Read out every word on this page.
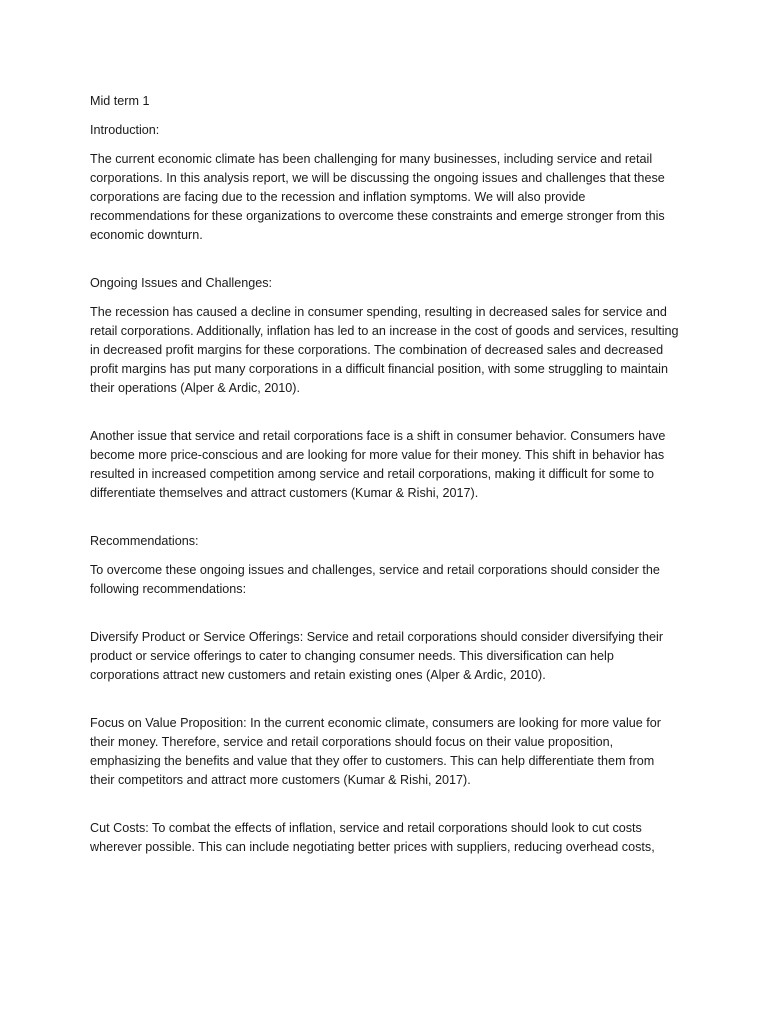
Mid term 1

Introduction:

The current economic climate has been challenging for many businesses, including service and retail corporations. In this analysis report, we will be discussing the ongoing issues and challenges that these corporations are facing due to the recession and inflation symptoms. We will also provide recommendations for these organizations to overcome these constraints and emerge stronger from this economic downturn.

Ongoing Issues and Challenges:

The recession has caused a decline in consumer spending, resulting in decreased sales for service and retail corporations. Additionally, inflation has led to an increase in the cost of goods and services, resulting in decreased profit margins for these corporations. The combination of decreased sales and decreased profit margins has put many corporations in a difficult financial position, with some struggling to maintain their operations (Alper & Ardic, 2010).

Another issue that service and retail corporations face is a shift in consumer behavior. Consumers have become more price-conscious and are looking for more value for their money. This shift in behavior has resulted in increased competition among service and retail corporations, making it difficult for some to differentiate themselves and attract customers (Kumar & Rishi, 2017).

Recommendations:

To overcome these ongoing issues and challenges, service and retail corporations should consider the following recommendations:

Diversify Product or Service Offerings: Service and retail corporations should consider diversifying their product or service offerings to cater to changing consumer needs. This diversification can help corporations attract new customers and retain existing ones (Alper & Ardic, 2010).

Focus on Value Proposition: In the current economic climate, consumers are looking for more value for their money. Therefore, service and retail corporations should focus on their value proposition, emphasizing the benefits and value that they offer to customers. This can help differentiate them from their competitors and attract more customers (Kumar & Rishi, 2017).

Cut Costs: To combat the effects of inflation, service and retail corporations should look to cut costs wherever possible. This can include negotiating better prices with suppliers, reducing overhead costs,
